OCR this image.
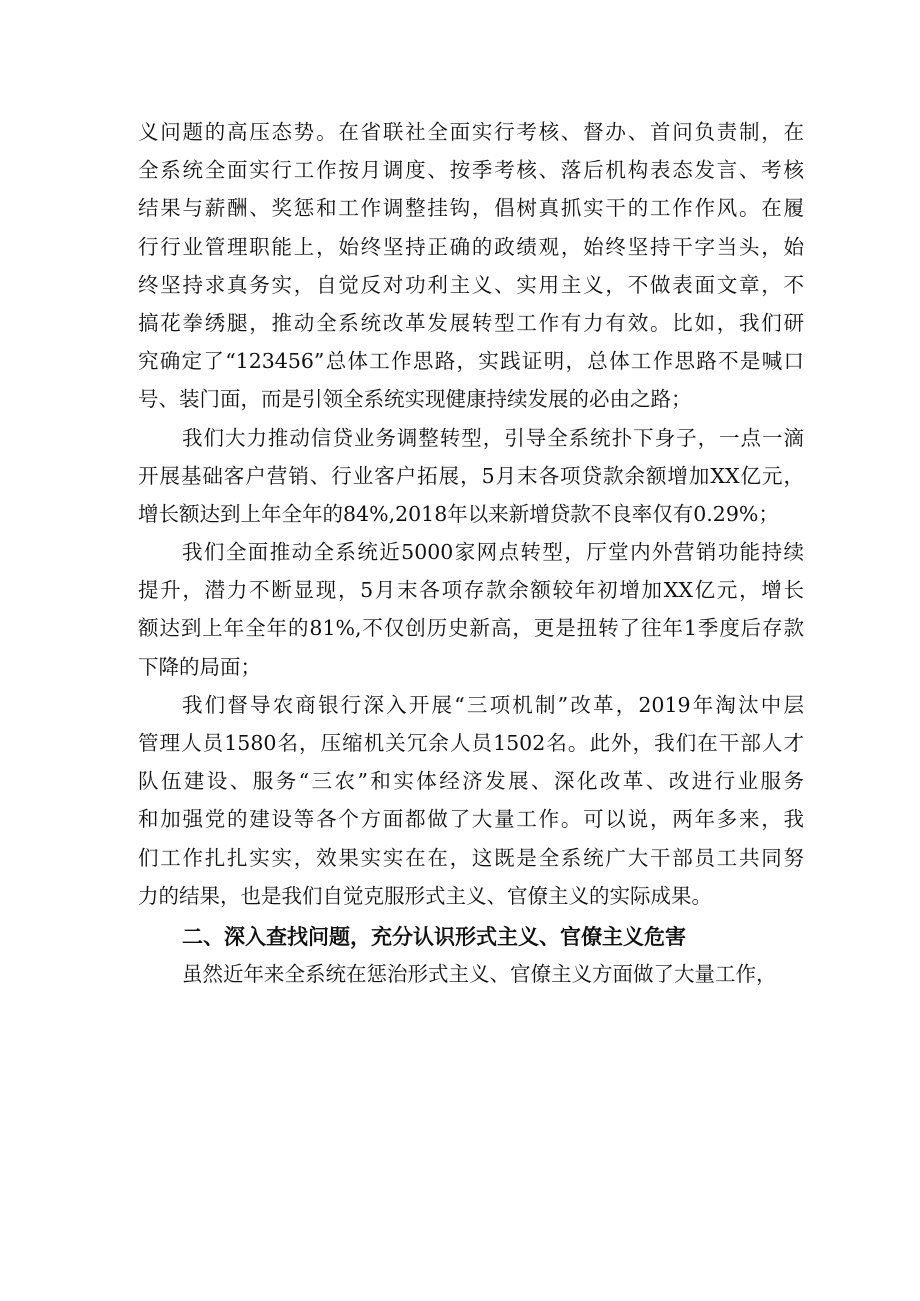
义问题的高压态势。在省联社全面实行考核、督办、首问负责制，在
全系统全面实行工作按月调度、按季考核、落后机构表态发言、考核
结果与薪酬、奖惩和工作调整挂钩，倡树真抓实干的工作作风。在履
行行业管理职能上，始终坚持正确的政绩观，始终坚持干字当头，始
终坚持求真务实，自觉反对功利主义、实用主义，不做表面文章，不
搞花拳绣腿，推动全系统改革发展转型工作有力有效。比如，我们研
究确定了“123456”总体工作思路，实践证明，总体工作思路不是喊口
号、装门面，而是引领全系统实现健康持续发展的必由之路；
我们大力推动信贷业务调整转型，引导全系统扑下身子，一点一滴
开展基础客户营销、行业客户拓展，5月末各项贷款余额增加XX亿元，
增长额达到上年全年的84%,2018年以来新增贷款不良率仅有0.29%；
我们全面推动全系统近5000家网点转型，厅堂内外营销功能持续
提升，潜力不断显现，5月末各项存款余额较年初增加XX亿元，增长
额达到上年全年的81%,不仅创历史新高，更是扭转了往年1季度后存款
下降的局面；
我们督导农商银行深入开展“三项机制”改革，2019年淘汰中层
管理人员1580名，压缩机关冗余人员1502名。此外，我们在干部人才
队伍建设、服务“三农”和实体经济发展、深化改革、改进行业服务
和加强党的建设等各个方面都做了大量工作。可以说，两年多来，我
们工作扎扎实实，效果实实在在，这既是全系统广大干部员工共同努
力的结果，也是我们自觉克服形式主义、官僚主义的实际成果。
二、深入查找问题，充分认识形式主义、官僚主义危害
虽然近年来全系统在惩治形式主义、官僚主义方面做了大量工作，
